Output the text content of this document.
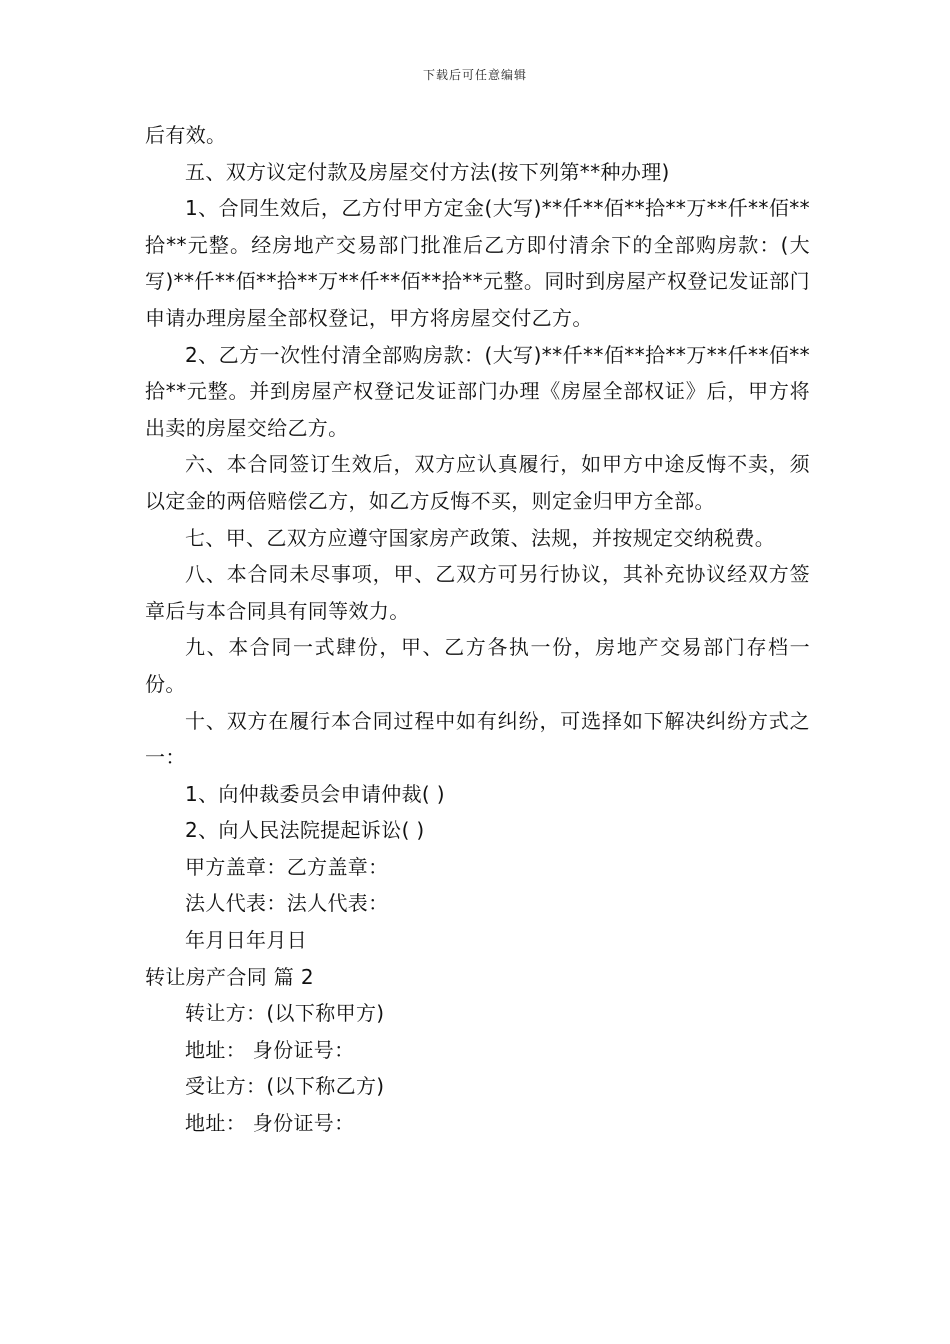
下载后可任意编辑

后有效。

五、双方议定付款及房屋交付方法(按下列第**种办理)

1、合同生效后，乙方付甲方定金(大写)**仟**佰**拾**万**仟**佰**拾**元整。经房地产交易部门批准后乙方即付清余下的全部购房款：(大写)**仟**佰**拾**万**仟**佰**拾**元整。同时到房屋产权登记发证部门申请办理房屋全部权登记，甲方将房屋交付乙方。

2、乙方一次性付清全部购房款：(大写)**仟**佰**拾**万**仟**佰**拾**元整。并到房屋产权登记发证部门办理《房屋全部权证》后，甲方将出卖的房屋交给乙方。

六、本合同签订生效后，双方应认真履行，如甲方中途反悔不卖，须以定金的两倍赔偿乙方，如乙方反悔不买，则定金归甲方全部。

七、甲、乙双方应遵守国家房产政策、法规，并按规定交纳税费。

八、本合同未尽事项，甲、乙双方可另行协议，其补充协议经双方签章后与本合同具有同等效力。

九、本合同一式肆份，甲、乙方各执一份，房地产交易部门存档一份。

十、双方在履行本合同过程中如有纠纷，可选择如下解决纠纷方式之一：

1、向仲裁委员会申请仲裁( )

2、向人民法院提起诉讼( )

甲方盖章：乙方盖章：

法人代表：法人代表：

年月日年月日

转让房产合同 篇 2

转让方：(以下称甲方)

地址： 身份证号：

受让方：(以下称乙方)

地址： 身份证号：
